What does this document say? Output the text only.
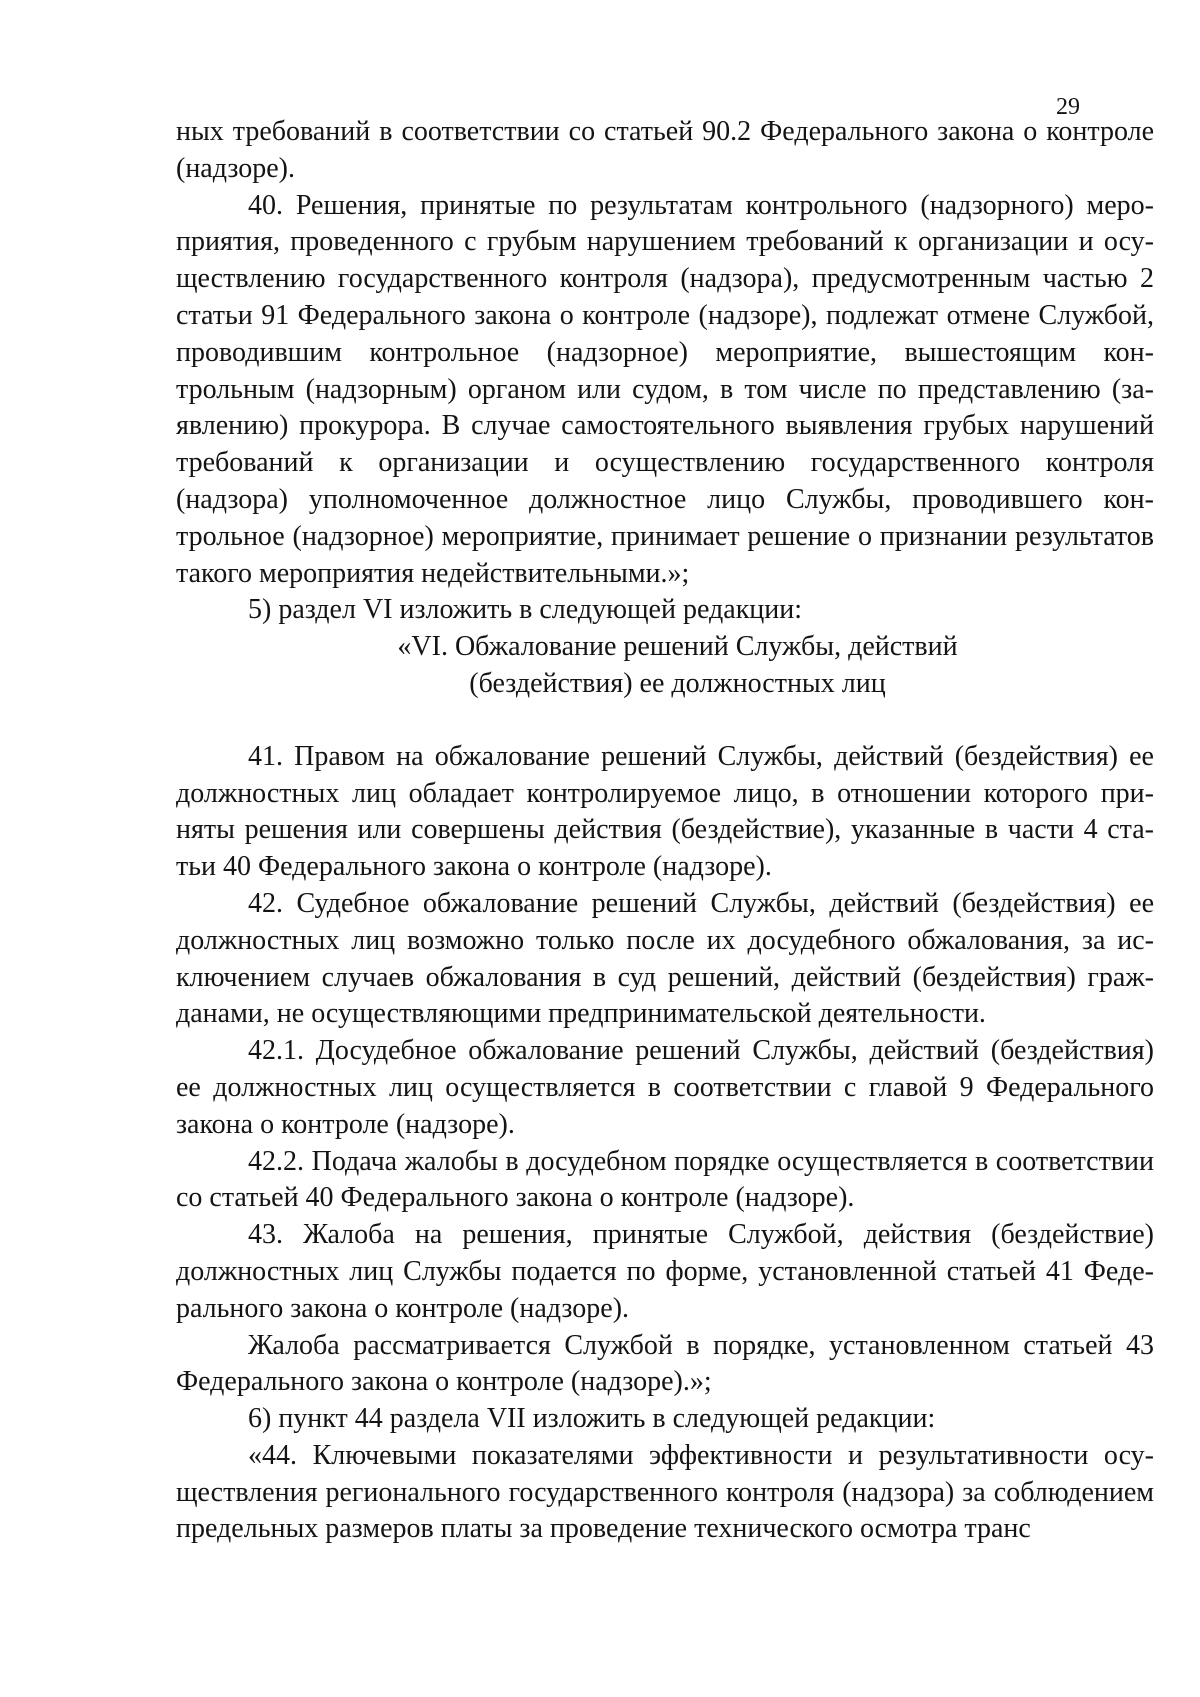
29

ных требований в соответствии со статьей 90.2 Федерального закона о контроле (надзоре).

40. Решения, принятые по результатам контрольного (надзорного) мероприятия, проведенного с грубым нарушением требований к организации и осуществлению государственного контроля (надзора), предусмотренным частью 2 статьи 91 Федерального закона о контроле (надзоре), подлежат отмене Службой, проводившим контрольное (надзорное) мероприятие, вышестоящим контрольным (надзорным) органом или судом, в том числе по представлению (заявлению) прокурора. В случае самостоятельного выявления грубых нарушений требований к организации и осуществлению государственного контроля (надзора) уполномоченное должностное лицо Службы, проводившего контрольное (надзорное) мероприятие, принимает решение о признании результатов такого мероприятия недействительными.»;

5) раздел VI изложить в следующей редакции:

«VI. Обжалование решений Службы, действий

(бездействия) ее должностных лиц

41. Правом на обжалование решений Службы, действий (бездействия) ее должностных лиц обладает контролируемое лицо, в отношении которого приняты решения или совершены действия (бездействие), указанные в части 4 статьи 40 Федерального закона о контроле (надзоре).

42. Судебное обжалование решений Службы, действий (бездействия) ее должностных лиц возможно только после их досудебного обжалования, за исключением случаев обжалования в суд решений, действий (бездействия) гражданами, не осуществляющими предпринимательской деятельности.

42.1. Досудебное обжалование решений Службы, действий (бездействия) ее должностных лиц осуществляется в соответствии с главой 9 Федерального закона о контроле (надзоре).

42.2. Подача жалобы в досудебном порядке осуществляется в соответствии со статьей 40 Федерального закона о контроле (надзоре).

43. Жалоба на решения, принятые Службой, действия (бездействие) должностных лиц Службы подается по форме, установленной статьей 41 Федерального закона о контроле (надзоре).

Жалоба рассматривается Службой в порядке, установленном статьей 43 Федерального закона о контроле (надзоре).»;

6) пункт 44 раздела VII изложить в следующей редакции:

«44. Ключевыми показателями эффективности и результативности осуществления регионального государственного контроля (надзора) за соблюдением предельных размеров платы за проведение технического осмотра транс
